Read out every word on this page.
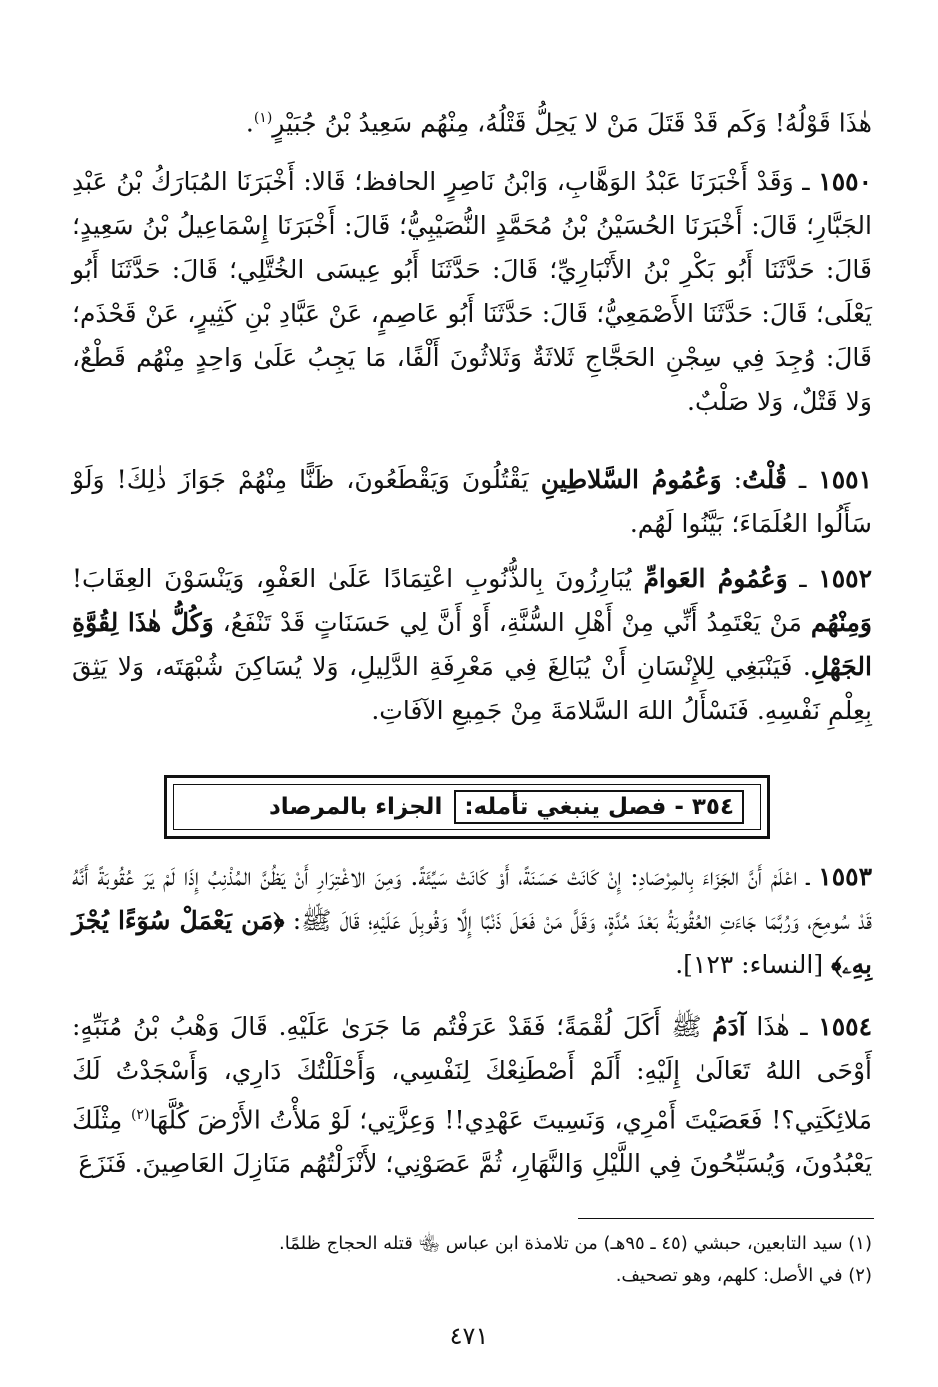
هٰذَا قَوْلُهُ! وَكَم قَدْ قَتَلَ مَنْ لا يَحِلُّ قَتْلُهُ، مِنْهُم سَعِيدُ بْنُ جُبَيْرٍ$^{(١)}$.

١٥٥٠ ـ وَقَدْ أَخْبَرَنَا عَبْدُ الوَهَّابِ، وَابْنُ نَاصِرٍ الحافظ؛ قَالا: أَخْبَرَنَا المُبَارَكُ بْنُ عَبْدِ الجَبَّارِ؛ قَالَ: أَخْبَرَنَا الحُسَيْنُ بْنُ مُحَمَّدٍ النُّصَيْبِيُّ؛ قَالَ: أَخْبَرَنَا إِسْمَاعِيلُ بْنُ سَعِيدٍ؛ قَالَ: حَدَّثَنَا أَبُو بَكْرِ بْنُ الأَنْبَارِيِّ؛ قَالَ: حَدَّثَنَا أَبُو عِيسَى الخُتَّلِي؛ قَالَ: حَدَّثَنَا أَبُو يَعْلَى؛ قَالَ: حَدَّثَنَا الأَصْمَعِيُّ؛ قَالَ: حَدَّثَنَا أَبُو عَاصِمٍ، عَنْ عَبَّادِ بْنِ كَثِيرٍ، عَنْ قَحْذَم؛ قَالَ: وُجِدَ فِي سِجْنِ الحَجَّاجِ ثَلاثَةٌ وَثَلاثُونَ أَلْفًا، مَا يَجِبُ عَلَىٰ وَاحِدٍ مِنْهُم قَطْعٌ، وَلا قَتْلٌ، وَلا صَلْبٌ.

١٥٥١ ـ قُلْتُ: وَعُمُومُ السَّلاطِينِ يَقْتُلُونَ وَيَقْطَعُونَ، ظَنًّا مِنْهُمْ جَوَازَ ذٰلِكَ! وَلَوْ سَأَلُوا العُلَمَاءَ؛ بَيَّنُوا لَهُم.

١٥٥٢ ـ وَعُمُومُ العَوامِّ يُبَارِزُونَ بِالذُّنُوبِ اعْتِمَادًا عَلَىٰ العَفْوِ، وَيَنْسَوْنَ العِقَابَ! وَمِنْهُم مَنْ يَعْتَمِدُ أَنِّي مِنْ أَهْلِ السُّنَّةِ، أَوْ أَنَّ لِي حَسَنَاتٍ قَدْ تَنْفَعُ، وَكُلُّ هٰذَا لِقُوَّةِ الجَهْلِ. فَيَنْبَغِي لِلإِنْسَانِ أَنْ يُبَالِغَ فِي مَعْرِفَةِ الدَّلِيلِ، وَلا يُسَاكِنَ شُبْهَتَه، وَلا يَثِقَ بِعِلْمِ نَفْسِهِ. فَنَسْأَلُ اللهَ السَّلامَةَ مِنْ جَمِيعِ الآفَاتِ.

٣٥٤ - فصل ينبغي تأمله:
الجزاء بالمرصاد

١٥٥٣ ـ اعْلَمْ أَنَّ الجَزَاءَ بِالمِرْصَادِ: إِنْ كَانَتْ حَسَنَةً، أَوْ كَانَتْ سَيِّئَةً. وَمِنَ الاغْتِرَارِ أَنْ يَظُنَّ المُذْنِبُ إِذَا لَمْ يَرَ عُقُوبَةً أَنَّهُ قَدْ سُومِحَ، وَرُبَّمَا جَاءَتِ العُقُوبَةُ بَعْدَ مُدَّةٍ، وَقَلَّ مَنْ فَعَلَ ذَنْبًا إِلَّا وَقُوبِلَ عَلَيْهِ؛ قَالَ ﷺ: ﴿مَن يَعْمَلْ سُوٓءًا يُجْزَ بِهِۦ﴾ [النساء: ١٢٣].

١٥٥٤ ـ هٰذَا آدَمُ ﷺ أَكَلَ لُقْمَةً؛ فَقَدْ عَرَفْتُم مَا جَرَىٰ عَلَيْهِ. قَالَ وَهْبُ بْنُ مُنَبِّهٍ: أَوْحَى اللهُ تَعَالَىٰ إِلَيْهِ: أَلَمْ أَصْطَنِعْكَ لِنَفْسِي، وَأَحْلَلْتُكَ دَارِي، وَأَسْجَدْتُ لَكَ مَلائِكَتِي؟! فَعَصَيْتَ أَمْرِي، وَنَسِيتَ عَهْدِي!! وَعِزَّتِي؛ لَوْ مَلأْتُ الأَرْضَ كُلَّهَا$^{(٢)}$ مِثْلَكَ يَعْبُدُونَ، وَيُسَبِّحُونَ فِي اللَّيْلِ وَالنَّهَارِ، ثُمَّ عَصَوْنِي؛ لأَنْزَلْتُهُم مَنَازِلَ العَاصِينَ. فَنَزَعَ

(١) سيد التابعين، حبشي (٤٥ ـ ٩٥هـ) من تلامذة ابن عباس ﵄ قتله الحجاج ظلمًا.

(٢) في الأصل: كلهم، وهو تصحيف.

٤٧١
